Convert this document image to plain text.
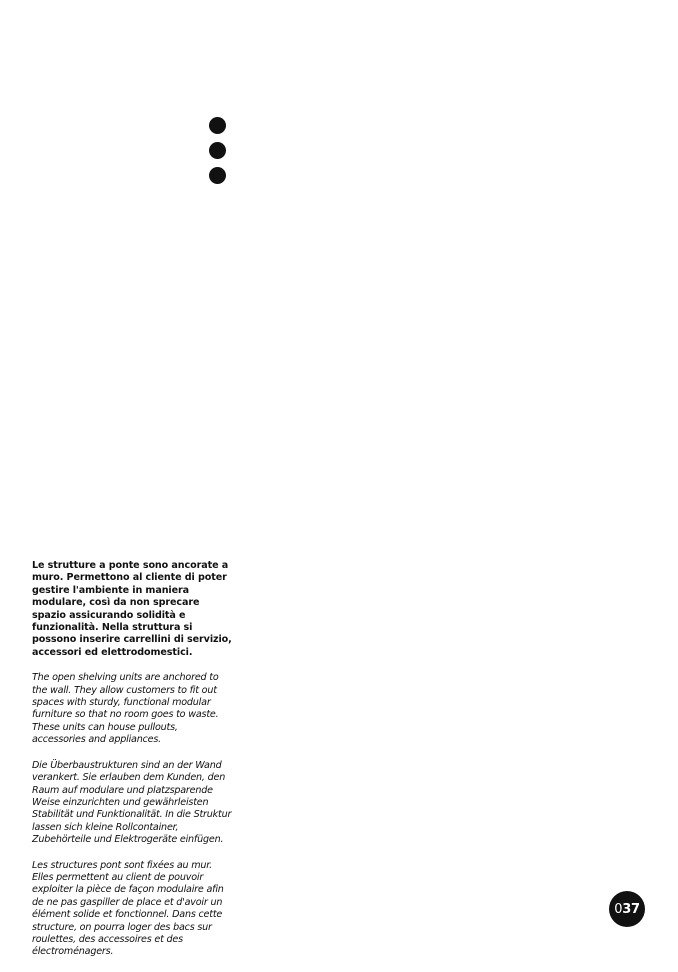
Le strutture a ponte sono ancorate a muro. Permettono al cliente di poter gestire l'ambiente in maniera modulare, così da non sprecare spazio assicurando solidità e funzionalità. Nella struttura si possono inserire carrellini di servizio, accessori ed elettrodomestici.

The open shelving units are anchored to the wall. They allow customers to fit out spaces with sturdy, functional modular furniture so that no room goes to waste. These units can house pullouts, accessories and appliances.

Die Überbaustrukturen sind an der Wand verankert. Sie erlauben dem Kunden, den Raum auf modulare und platzsparende Weise einzurichten und gewährleisten Stabilität und Funktionalität. In die Struktur lassen sich kleine Rollcontainer, Zubehörteile und Elektrogeräte einfügen.

Les structures pont sont fixées au mur. Elles permettent au client de pouvoir exploiter la pièce de façon modulaire afin de ne pas gaspiller de place et d'avoir un élément solide et fonctionnel. Dans cette structure, on pourra loger des bacs sur roulettes, des accessoires et des électroménagers.

0 37
